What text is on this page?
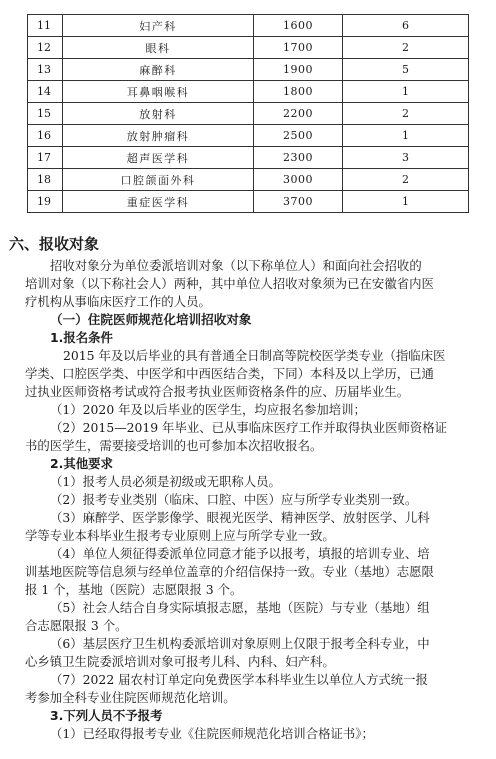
11	妇产科	1600	6
12	眼科	1700	2
13	麻醉科	1900	5
14	耳鼻咽喉科	1800	1
15	放射科	2200	2
16	放射肿瘤科	2500	1
17	超声医学科	2300	3
18	口腔颌面外科	3000	2
19	重症医学科	3700	1
六、报收对象
招收对象分为单位委派培训对象（以下称单位人）和面向社会招收的
培训对象（以下称社会人）两种，其中单位人招收对象须为已在安徽省内医
疗机构从事临床医疗工作的人员。
（一）住院医师规范化培训招收对象
1.报名条件
2015 年及以后毕业的具有普通全日制高等院校医学类专业（指临床医
学类、口腔医学类、中医学和中西医结合类，下同）本科及以上学历，已通
过执业医师资格考试或符合报考执业医师资格条件的应、历届毕业生。
（1）2020 年及以后毕业的医学生，均应报名参加培训；
（2）2015—2019 年毕业、已从事临床医疗工作并取得执业医师资格证
书的医学生，需要接受培训的也可参加本次招收报名。
2.其他要求
（1）报考人员必须是初级或无职称人员。
（2）报考专业类别（临床、口腔、中医）应与所学专业类别一致。
（3）麻醉学、医学影像学、眼视光医学、精神医学、放射医学、儿科
学等专业本科毕业生报考专业原则上应与所学专业一致。
（4）单位人须征得委派单位同意才能予以报考，填报的培训专业、培
训基地医院等信息须与经单位盖章的介绍信保持一致。专业（基地）志愿限
报 1 个，基地（医院）志愿限报 3 个。
（5）社会人结合自身实际填报志愿，基地（医院）与专业（基地）组
合志愿限报 3 个。
（6）基层医疗卫生机构委派培训对象原则上仅限于报考全科专业，中
心乡镇卫生院委派培训对象可报考儿科、内科、妇产科。
（7）2022 届农村订单定向免费医学本科毕业生以单位人方式统一报
考参加全科专业住院医师规范化培训。
3.下列人员不予报考
（1）已经取得报考专业《住院医师规范化培训合格证书》；
